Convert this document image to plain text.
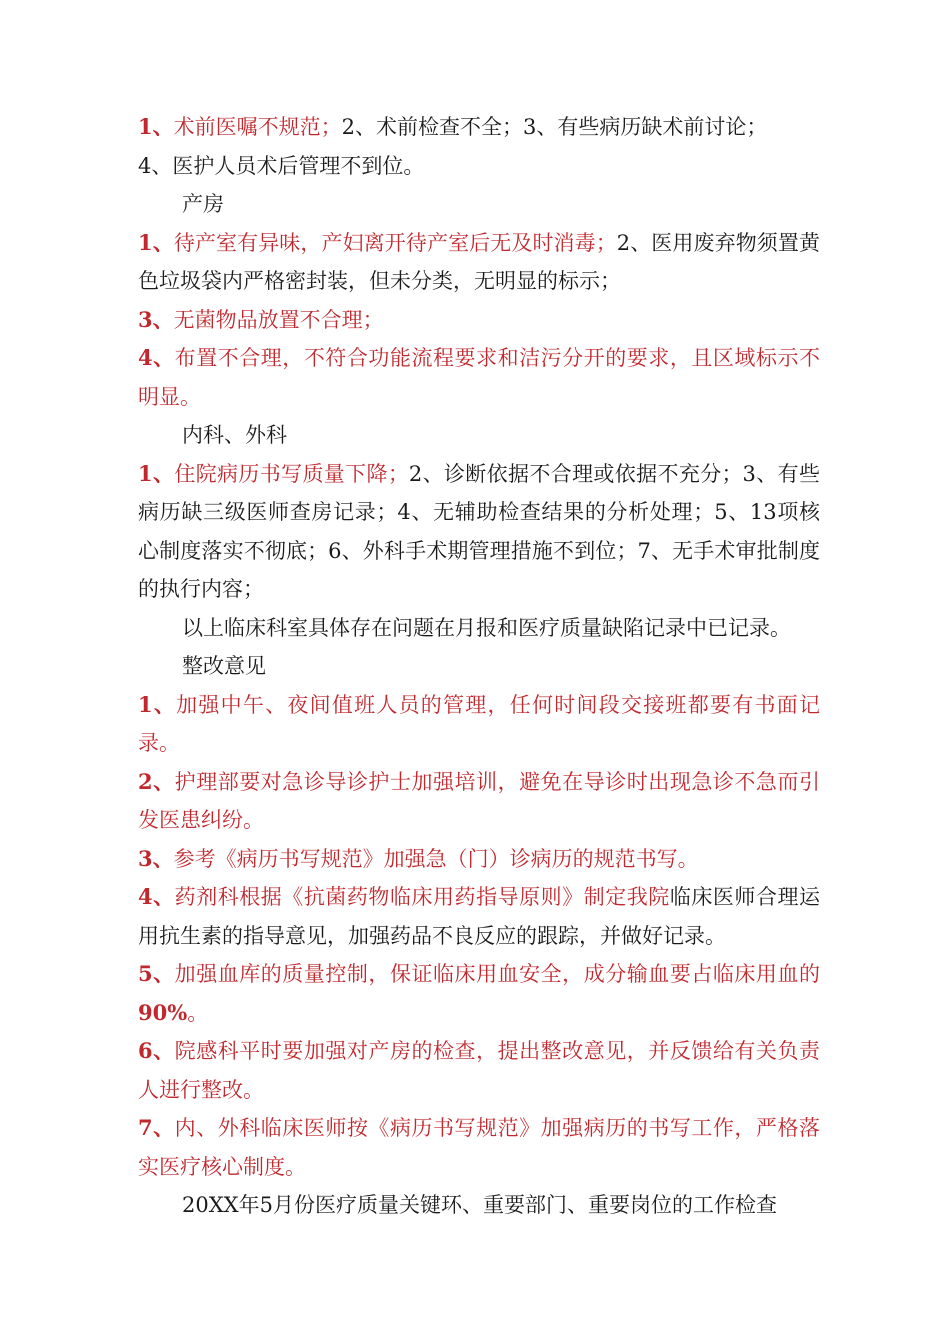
1、术前医嘱不规范；2、术前检查不全；3、有些病历缺术前讨论；

4、医护人员术后管理不到位。

产房

1、待产室有异味，产妇离开待产室后无及时消毒；2、医用废弃物须置黄色垃圾袋内严格密封装，但未分类，无明显的标示；

3、无菌物品放置不合理；

4、布置不合理，不符合功能流程要求和洁污分开的要求，且区域标示不明显。

内科、外科

1、住院病历书写质量下降；2、诊断依据不合理或依据不充分；3、有些病历缺三级医师查房记录；4、无辅助检查结果的分析处理；5、13项核心制度落实不彻底；6、外科手术期管理措施不到位；7、无手术审批制度的执行内容；

以上临床科室具体存在问题在月报和医疗质量缺陷记录中已记录。

整改意见

1、加强中午、夜间值班人员的管理，任何时间段交接班都要有书面记录。

2、护理部要对急诊导诊护士加强培训，避免在导诊时出现急诊不急而引发医患纠纷。

3、参考《病历书写规范》加强急（门）诊病历的规范书写。

4、药剂科根据《抗菌药物临床用药指导原则》制定我院临床医师合理运用抗生素的指导意见，加强药品不良反应的跟踪，并做好记录。

5、加强血库的质量控制，保证临床用血安全，成分输血要占临床用血的90%。

6、院感科平时要加强对产房的检查，提出整改意见，并反馈给有关负责人进行整改。

7、内、外科临床医师按《病历书写规范》加强病历的书写工作，严格落实医疗核心制度。

20XX年5月份医疗质量关键环、重要部门、重要岗位的工作检查
